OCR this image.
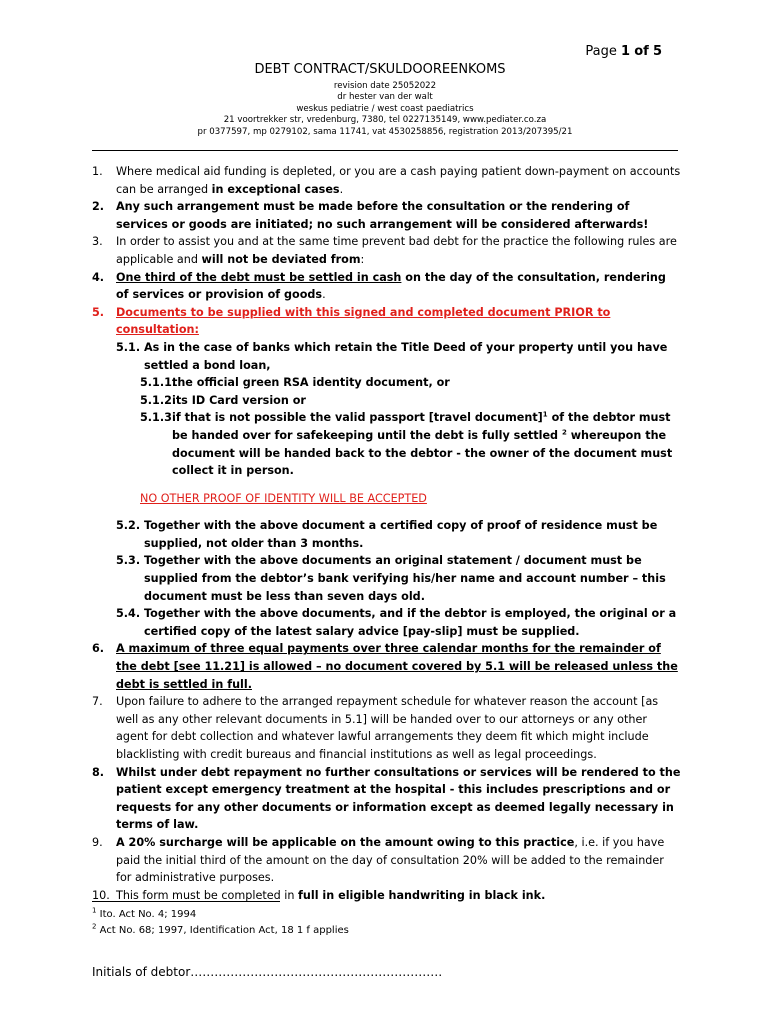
Page 1 of 5
DEBT CONTRACT/SKULDOOREENKOMS
revision date 25052022
dr hester van der walt
weskus pediatrie / west coast paediatrics
21 voortrekker str, vredenburg, 7380, tel 0227135149, www.pediater.co.za
pr 0377597, mp 0279102, sama 11741, vat 4530258856, registration 2013/207395/21
1. Where medical aid funding is depleted, or you are a cash paying patient down-payment on accounts can be arranged in exceptional cases.
2. Any such arrangement must be made before the consultation or the rendering of services or goods are initiated; no such arrangement will be considered afterwards!
3. In order to assist you and at the same time prevent bad debt for the practice the following rules are applicable and will not be deviated from:
4. One third of the debt must be settled in cash on the day of the consultation, rendering of services or provision of goods.
5. Documents to be supplied with this signed and completed document PRIOR to consultation:
5.1. As in the case of banks which retain the Title Deed of your property until you have settled a bond loan,
5.1.1.
the official green RSA identity document, or
5.1.2.
its ID Card version or
5.1.3.
if that is not possible the valid passport [travel document]$^1$ of the debtor must be handed over for safekeeping until the debt is fully settled $^2$ whereupon the document will be handed back to the debtor - the owner of the document must collect it in person.
NO OTHER PROOF OF IDENTITY WILL BE ACCEPTED
5.2. Together with the above document a certified copy of proof of residence must be supplied, not older than 3 months.
5.3. Together with the above documents an original statement / document must be supplied from the debtor’s bank verifying his/her name and account number – this document must be less than seven days old.
5.4. Together with the above documents, and if the debtor is employed, the original or a certified copy of the latest salary advice [pay-slip] must be supplied.
6. A maximum of three equal payments over three calendar months for the remainder of the debt [see 11.21] is allowed – no document covered by 5.1 will be released unless the debt is settled in full.
7. Upon failure to adhere to the arranged repayment schedule for whatever reason the account [as well as any other relevant documents in 5.1] will be handed over to our attorneys or any other agent for debt collection and whatever lawful arrangements they deem fit which might include blacklisting with credit bureaus and financial institutions as well as legal proceedings.
8. Whilst under debt repayment no further consultations or services will be rendered to the patient except emergency treatment at the hospital - this includes prescriptions and or requests for any other documents or information except as deemed legally necessary in terms of law.
9. A 20% surcharge will be applicable on the amount owing to this practice, i.e. if you have paid the initial third of the amount on the day of consultation 20% will be added to the remainder for administrative purposes.
10. This form must be completed in full in eligible handwriting in black ink.
$^1$ Ito. Act No. 4; 1994
$^2$ Act No. 68; 1997, Identification Act, 18 1 f applies
Initials of debtor………………………………………………………
